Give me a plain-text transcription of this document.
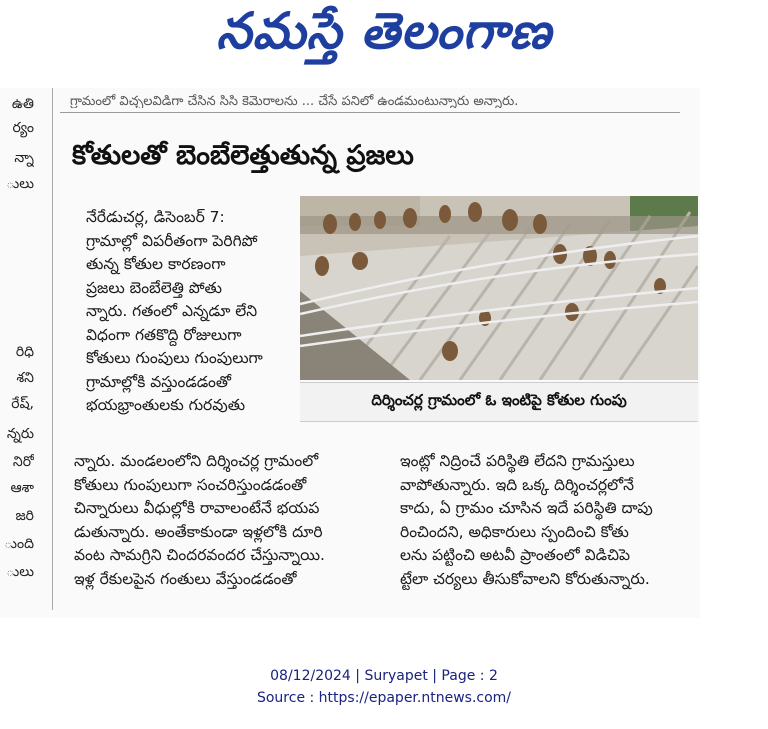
నమస్తే తెలంగాణ
గ్రామంలో విచ్చలవిడిగా చేసిన సిసి కెమెరాలను ... చేసే పనిలో ఉండమంటున్నారు అన్నారు.
ఉతి
ర్యం
న్నా
ులు
రిధి
శని
రేష్,
న్నరు
నిరో
ఆశా
జరి
ుంది
ులు
కోతులతో బెంబేలెత్తుతున్న ప్రజలు
నేరేడుచర్ల, డిసెంబర్ 7:
గ్రామాల్లో విపరీతంగా పెరిగిపో
తున్న కోతుల కారణంగా
ప్రజలు బెంబేలెత్తి పోతు
న్నారు. గతంలో ఎన్నడూ లేని
విధంగా గతకొద్ది రోజులుగా
కోతులు గుంపులు గుంపులుగా
గ్రామాల్లోకి వస్తుండడంతో
భయభ్రాంతులకు గురవుతు	దిర్శించర్ల గ్రామంలో ఓ ఇంటిపై కోతుల గుంపు
న్నారు. మండలంలోని దిర్శించర్ల గ్రామంలో
కోతులు గుంపులుగా సంచరిస్తుండడంతో
చిన్నారులు వీధుల్లోకి రావాలంటేనే భయప
డుతున్నారు. అంతేకాకుండా ఇళ్లలోకి దూరి
వంట సామగ్రిని చిందరవందర చేస్తున్నాయి.
ఇళ్ల రేకులపైన గంతులు వేస్తుండడంతో
ఇంట్లో నిద్రించే పరిస్థితి లేదని గ్రామస్తులు
వాపోతున్నారు. ఇది ఒక్క దిర్శించర్లలోనే
కాదు, ఏ గ్రామం చూసిన ఇదే పరిస్థితి దాపు
రించిందని, అధికారులు స్పందించి కోతు
లను పట్టించి అటవీ ప్రాంతంలో విడిచిపె
ట్టేలా చర్యలు తీసుకోవాలని కోరుతున్నారు.
08/12/2024 | Suryapet | Page : 2
Source : https://epaper.ntnews.com/
